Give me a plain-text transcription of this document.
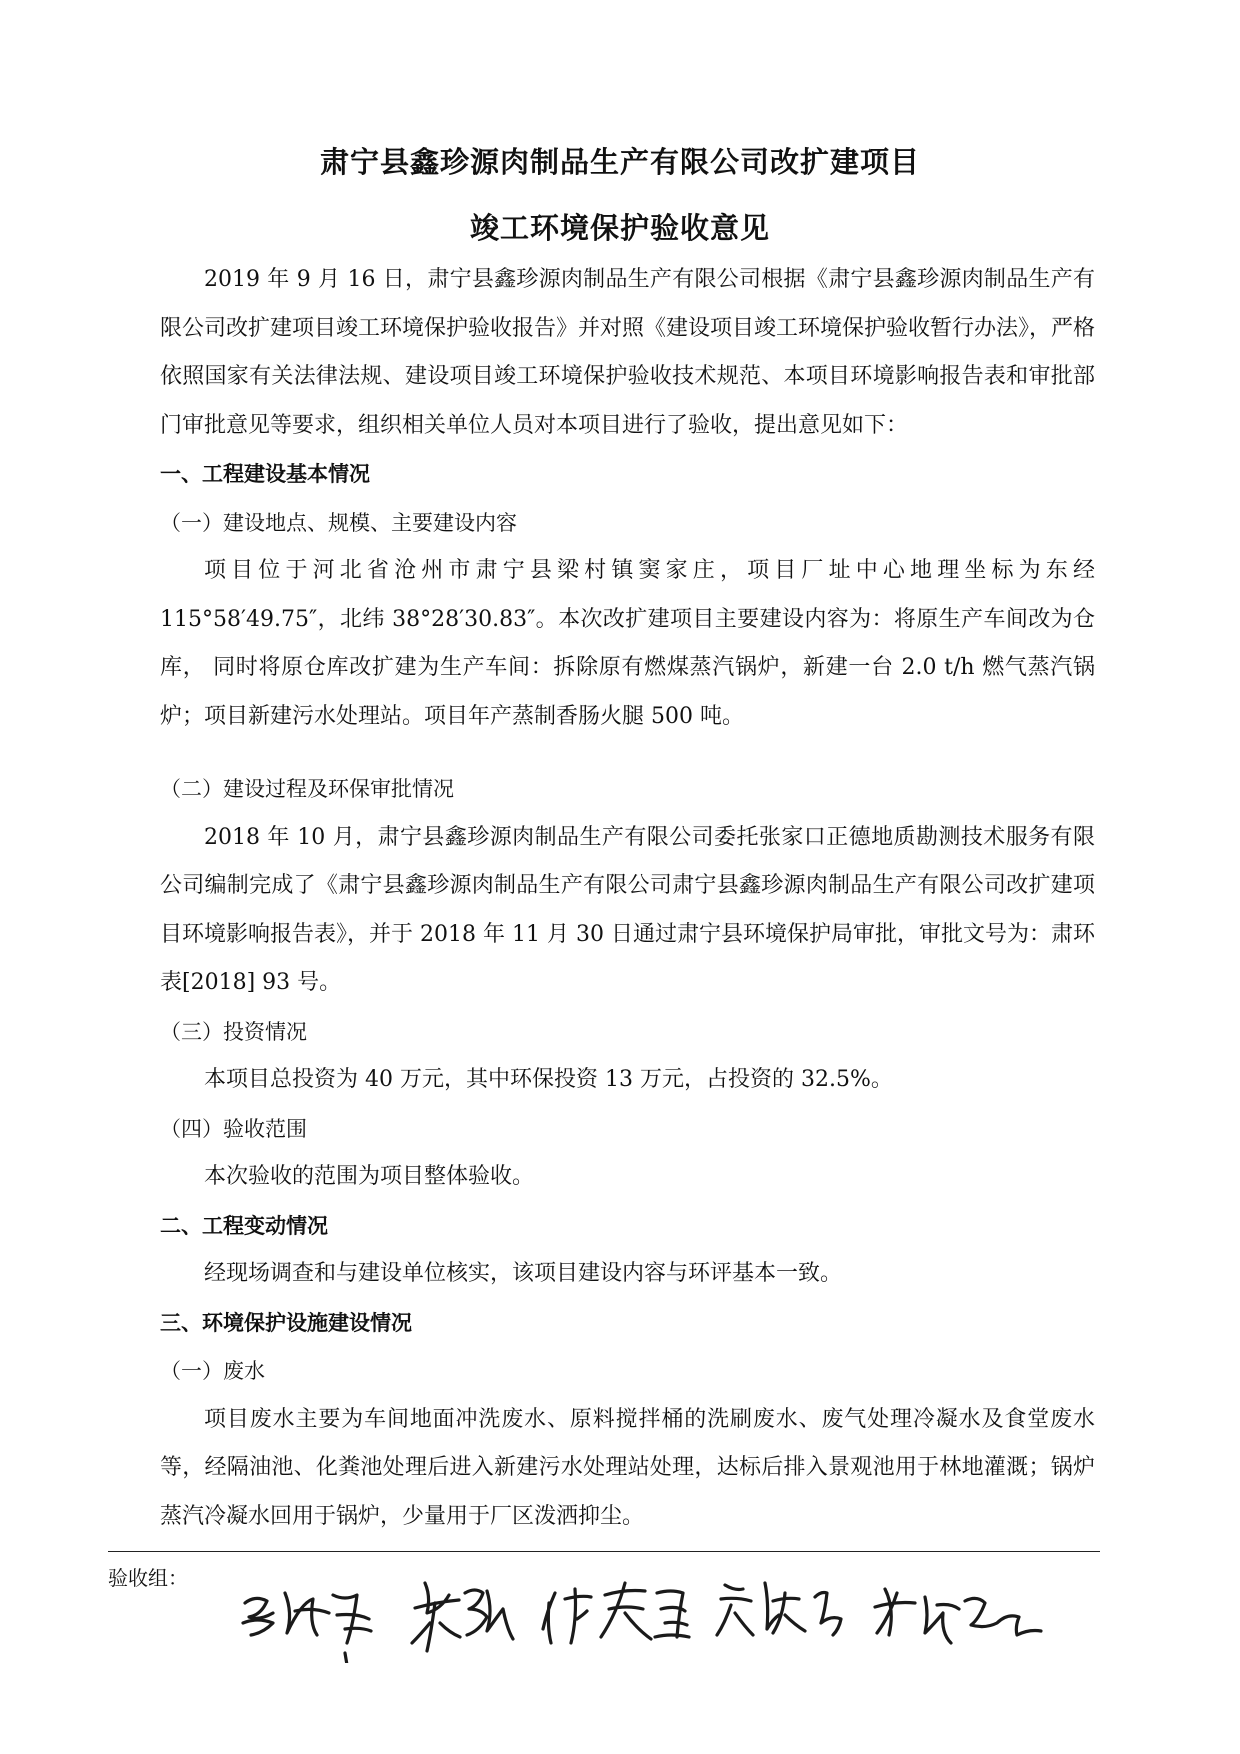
肃宁县鑫珍源肉制品生产有限公司改扩建项目
竣工环境保护验收意见

2019 年 9 月 16 日，肃宁县鑫珍源肉制品生产有限公司根据《肃宁县鑫珍源肉制品生产有限公司改扩建项目竣工环境保护验收报告》并对照《建设项目竣工环境保护验收暂行办法》，严格依照国家有关法律法规、建设项目竣工环境保护验收技术规范、本项目环境影响报告表和审批部门审批意见等要求，组织相关单位人员对本项目进行了验收，提出意见如下：

一、工程建设基本情况

（一）建设地点、规模、主要建设内容

项目位于河北省沧州市肃宁县梁村镇窦家庄，项目厂址中心地理坐标为东经 115°58′49.75″，北纬 38°28′30.83″。本次改扩建项目主要建设内容为：将原生产车间改为仓库， 同时将原仓库改扩建为生产车间：拆除原有燃煤蒸汽锅炉，新建一台 2.0 t/h 燃气蒸汽锅炉；项目新建污水处理站。项目年产蒸制香肠火腿 500 吨。

（二）建设过程及环保审批情况

2018 年 10 月，肃宁县鑫珍源肉制品生产有限公司委托张家口正德地质勘测技术服务有限公司编制完成了《肃宁县鑫珍源肉制品生产有限公司肃宁县鑫珍源肉制品生产有限公司改扩建项目环境影响报告表》，并于 2018 年 11 月 30 日通过肃宁县环境保护局审批，审批文号为：肃环表[2018] 93 号。

（三）投资情况

本项目总投资为 40 万元，其中环保投资 13 万元，占投资的 32.5%。

（四）验收范围

本次验收的范围为项目整体验收。

二、工程变动情况

经现场调查和与建设单位核实，该项目建设内容与环评基本一致。

三、环境保护设施建设情况

（一）废水

项目废水主要为车间地面冲洗废水、原料搅拌桶的洗刷废水、废气处理冷凝水及食堂废水等，经隔油池、化粪池处理后进入新建污水处理站处理，达标后排入景观池用于林地灌溉；锅炉蒸汽冷凝水回用于锅炉，少量用于厂区泼洒抑尘。

验收组：
